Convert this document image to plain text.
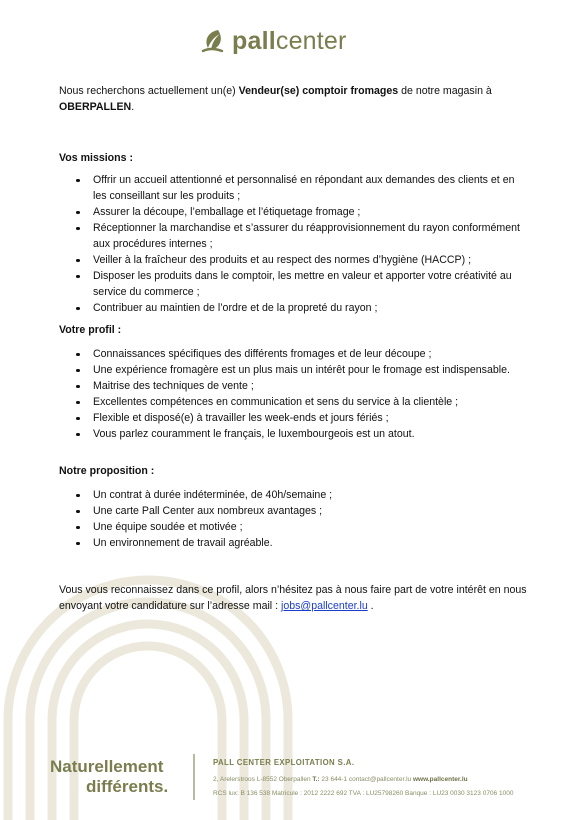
pallcenter
Nous recherchons actuellement un(e) Vendeur(se) comptoir fromages de notre magasin à OBERPALLEN.
Vos missions :
Offrir un accueil attentionné et personnalisé en répondant aux demandes des clients et en les conseillant sur les produits ;
Assurer la découpe, l’emballage et l’étiquetage fromage ;
Réceptionner la marchandise et s’assurer du réapprovisionnement du rayon conformément aux procédures internes ;
Veiller à la fraîcheur des produits et au respect des normes d’hygiène (HACCP) ;
Disposer les produits dans le comptoir, les mettre en valeur et apporter votre créativité au service du commerce ;
Contribuer au maintien de l’ordre et de la propreté du rayon ;
Votre profil :
Connaissances spécifiques des différents fromages et de leur découpe ;
Une expérience fromagère est un plus mais un intérêt pour le fromage est indispensable.
Maitrise des techniques de vente ;
Excellentes compétences en communication et sens du service à la clientèle ;
Flexible et disposé(e) à travailler les week-ends et jours fériés ;
Vous parlez couramment le français, le luxembourgeois est un atout.
Notre proposition :
Un contrat à durée indéterminée, de 40h/semaine ;
Une carte Pall Center aux nombreux avantages ;
Une équipe soudée et motivée ;
Un environnement de travail agréable.
Vous vous reconnaissez dans ce profil, alors n’hésitez pas à nous faire part de votre intérêt en nous envoyant votre candidature sur l’adresse mail : jobs@pallcenter.lu .
Naturellement
différents.
PALL CENTER EXPLOITATION S.A.
2, Arelerstroos L-8552 Oberpallen T.: 23 644-1 contact@pallcenter.lu www.pallcenter.lu
RCS lux: B 136 538 Matricule : 2012 2222 692 TVA : LU25798260 Banque : LU23 0030 3123 0706 1000
